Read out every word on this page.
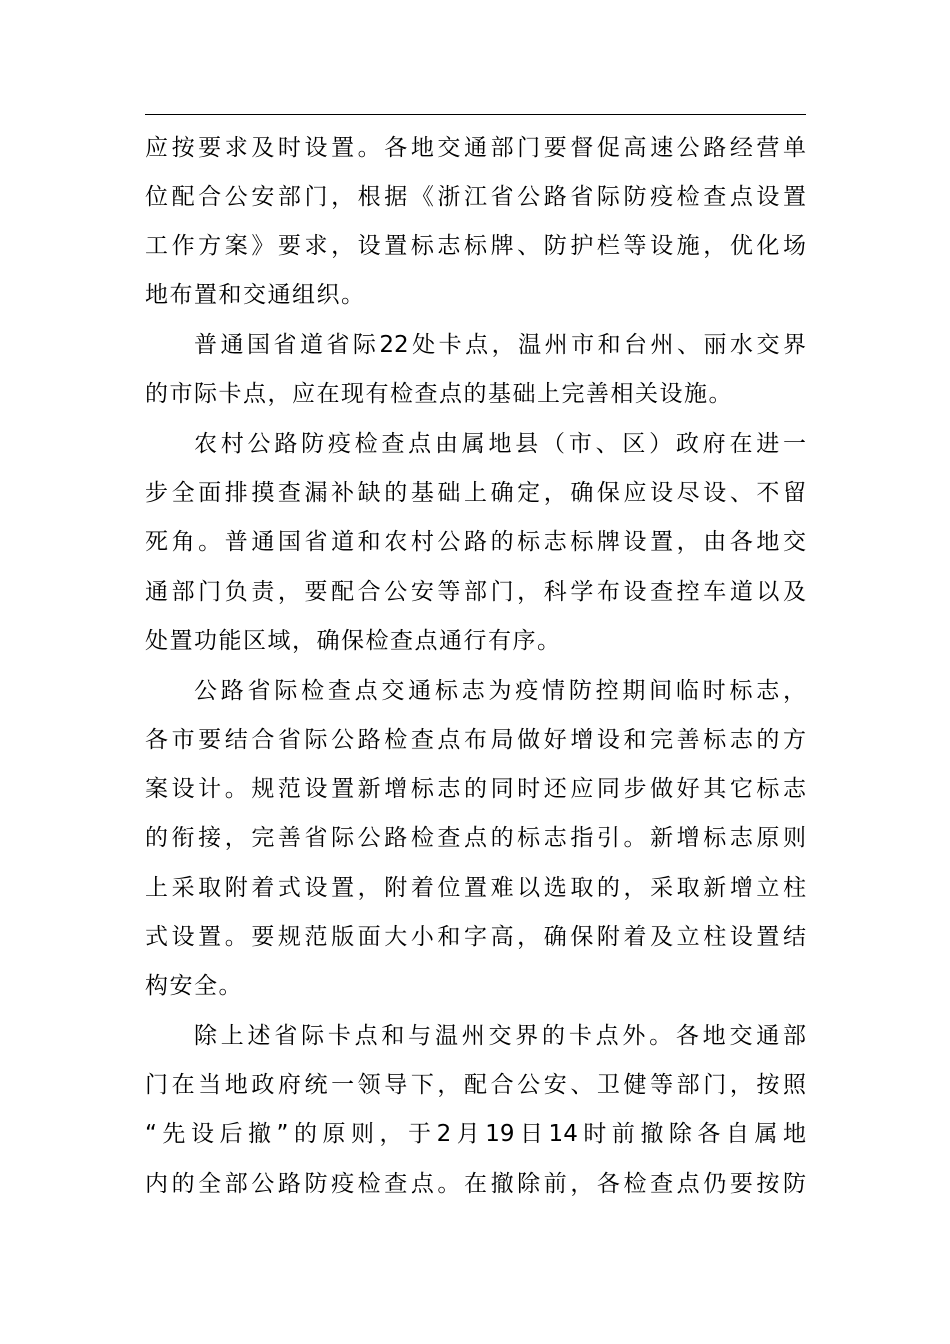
应按要求及时设置。各地交通部门要督促高速公路经营单
位配合公安部门，根据《浙江省公路省际防疫检查点设置
工作方案》要求，设置标志标牌、防护栏等设施，优化场
地布置和交通组织。
普通国省道省际22处卡点，温州市和台州、丽水交界
的市际卡点，应在现有检查点的基础上完善相关设施。
农村公路防疫检查点由属地县（市、区）政府在进一
步全面排摸查漏补缺的基础上确定，确保应设尽设、不留
死角。普通国省道和农村公路的标志标牌设置，由各地交
通部门负责，要配合公安等部门，科学布设查控车道以及
处置功能区域，确保检查点通行有序。
公路省际检查点交通标志为疫情防控期间临时标志，
各市要结合省际公路检查点布局做好增设和完善标志的方
案设计。规范设置新增标志的同时还应同步做好其它标志
的衔接，完善省际公路检查点的标志指引。新增标志原则
上采取附着式设置，附着位置难以选取的，采取新增立柱
式设置。要规范版面大小和字高，确保附着及立柱设置结
构安全。
除上述省际卡点和与温州交界的卡点外。各地交通部
门在当地政府统一领导下，配合公安、卫健等部门，按照
“先设后撤”的原则，于2月19日14时前撤除各自属地
内的全部公路防疫检查点。在撤除前，各检查点仍要按防
